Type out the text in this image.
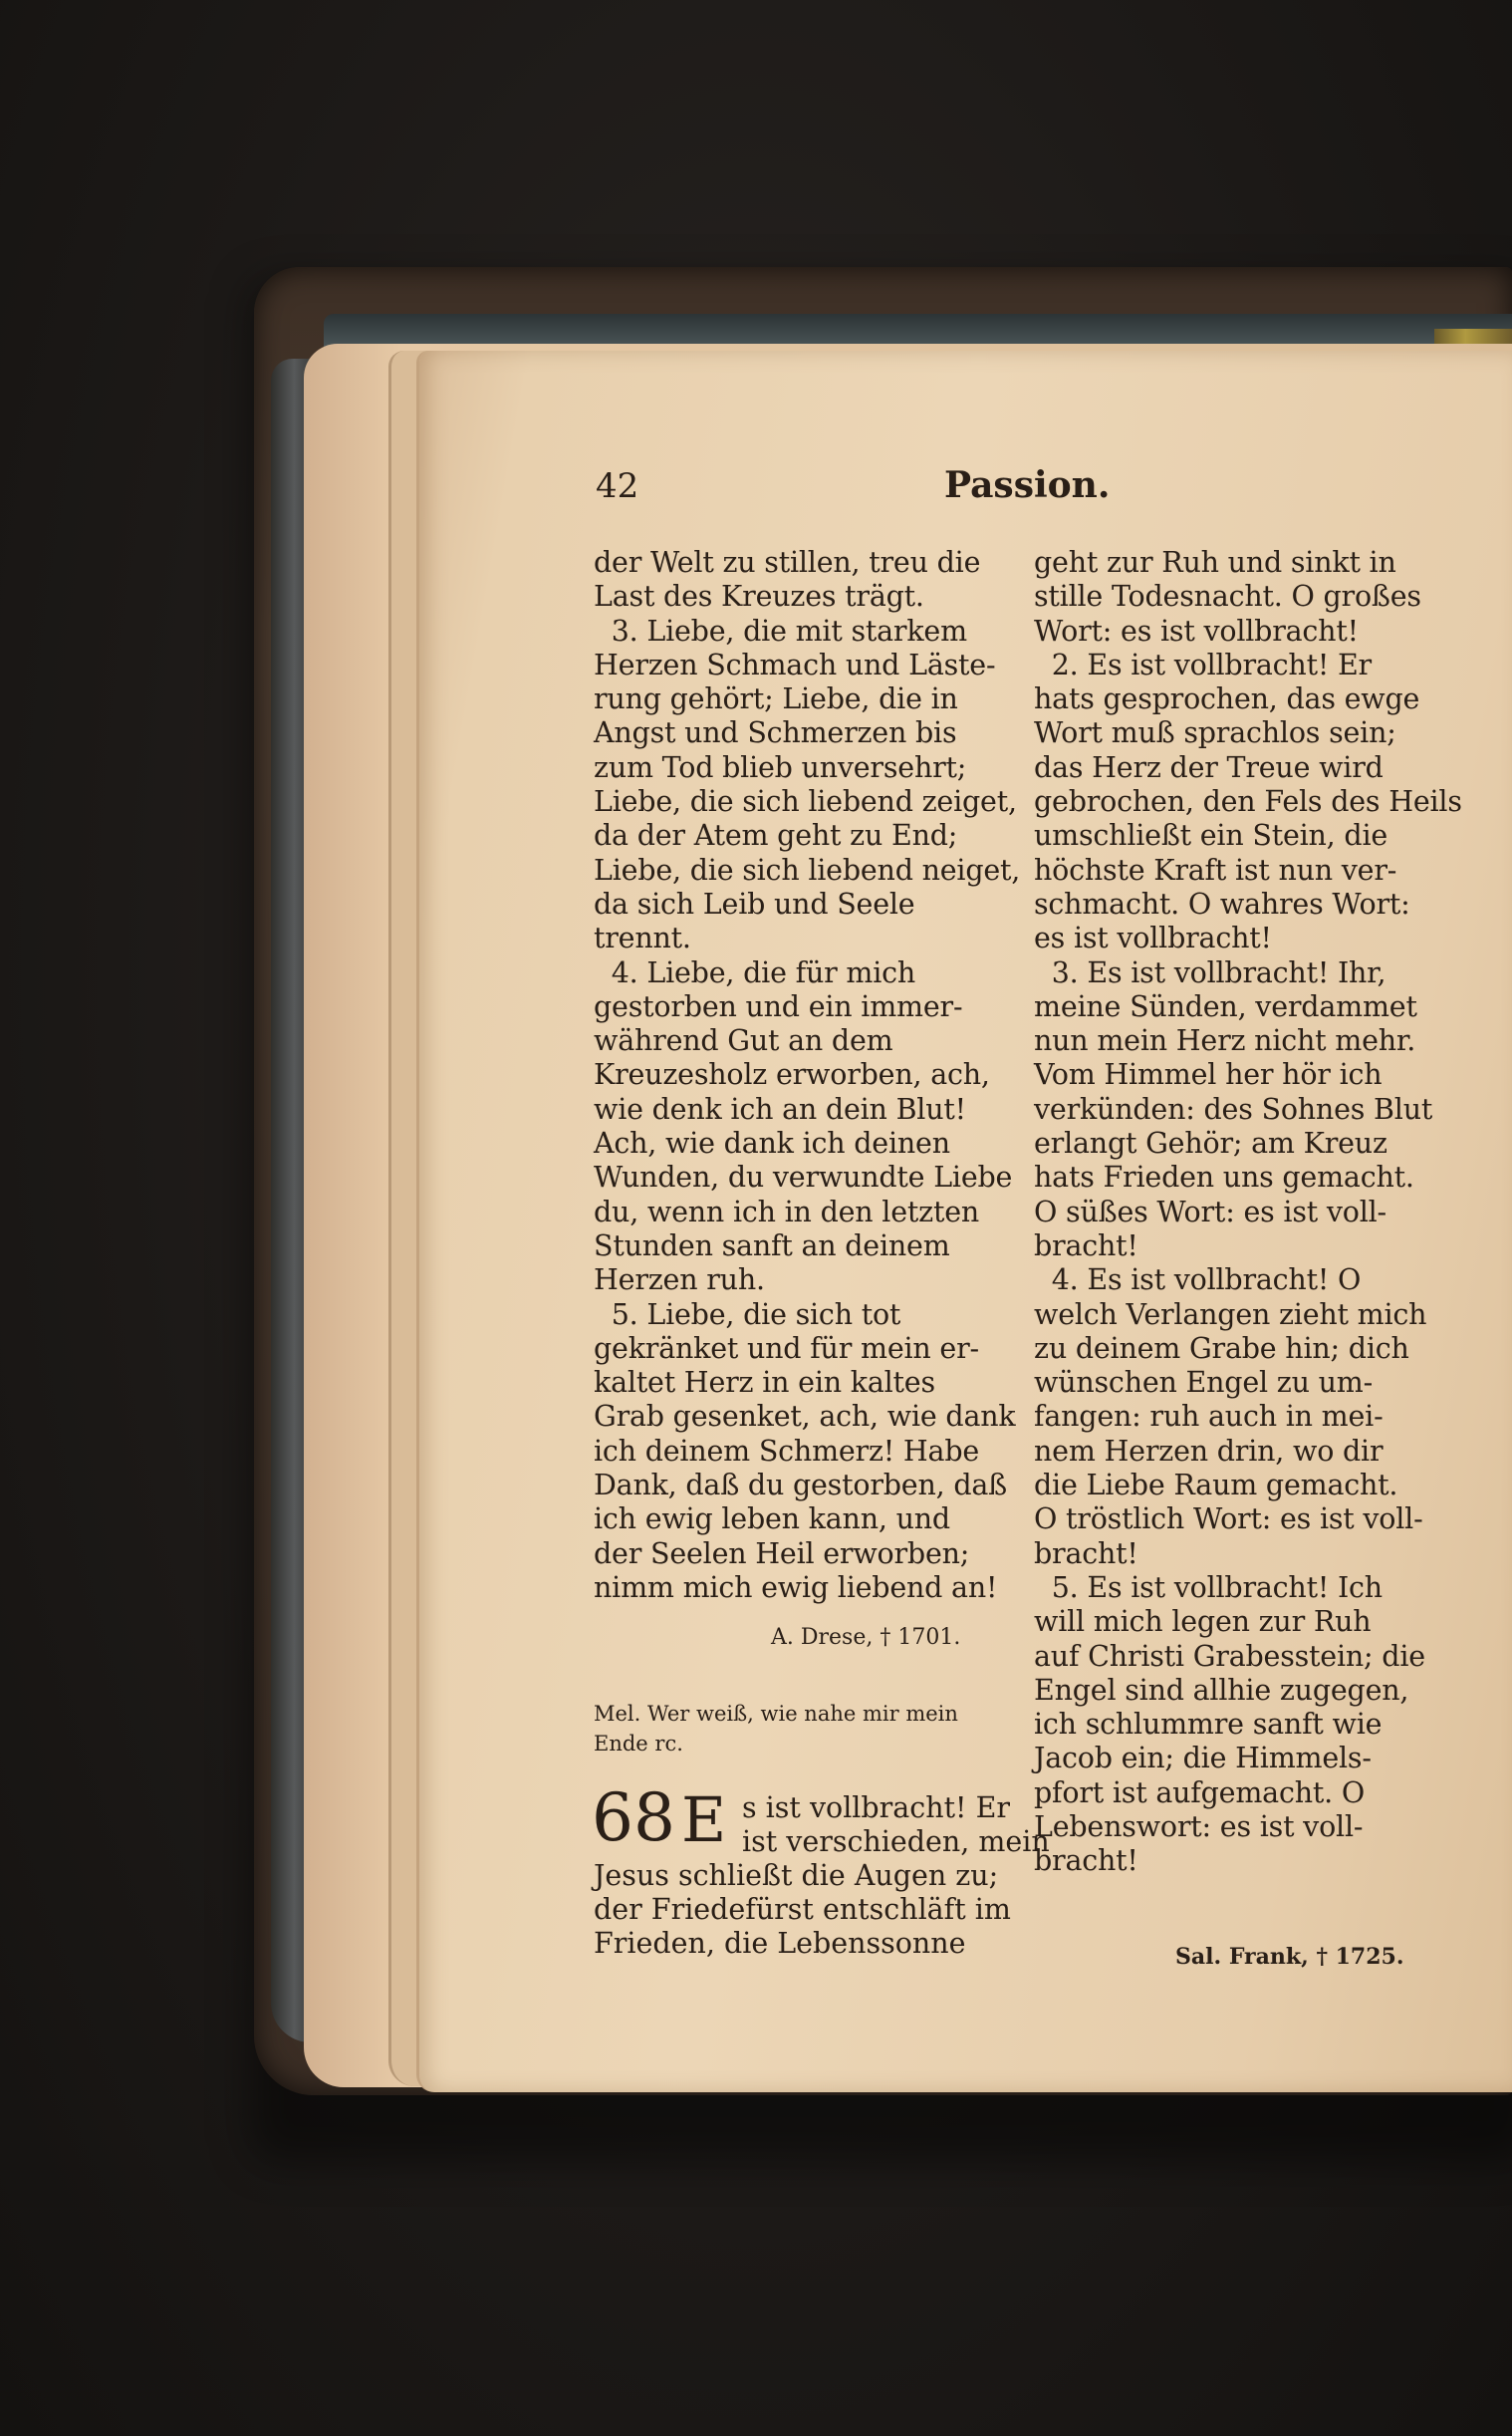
42	Passion.
der Welt zu stillen, treu die
Last des Kreuzes trägt.
3. Liebe, die mit starkem
Herzen Schmach und Läste-
rung gehört; Liebe, die in
Angst und Schmerzen bis
zum Tod blieb unversehrt;
Liebe, die sich liebend zeiget,
da der Atem geht zu End;
Liebe, die sich liebend neiget,
da sich Leib und Seele
trennt.
4. Liebe, die für mich
gestorben und ein immer-
während Gut an dem
Kreuzesholz erworben, ach,
wie denk ich an dein Blut!
Ach, wie dank ich deinen
Wunden, du verwundte Liebe
du, wenn ich in den letzten
Stunden sanft an deinem
Herzen ruh.
5. Liebe, die sich tot
gekränket und für mein er-
kaltet Herz in ein kaltes
Grab gesenket, ach, wie dank
ich deinem Schmerz! Habe
Dank, daß du gestorben, daß
ich ewig leben kann, und
der Seelen Heil erworben;
nimm mich ewig liebend an!
A. Drese, † 1701.
Mel. Wer weiß, wie nahe mir mein
Ende rc.
68 E s ist vollbracht! Er
ist verschieden, mein
Jesus schließt die Augen zu;
der Friedefürst entschläft im
Frieden, die Lebenssonne
geht zur Ruh und sinkt in
stille Todesnacht. O großes
Wort: es ist vollbracht!
2. Es ist vollbracht! Er
hats gesprochen, das ewge
Wort muß sprachlos sein;
das Herz der Treue wird
gebrochen, den Fels des Heils
umschließt ein Stein, die
höchste Kraft ist nun ver-
schmacht. O wahres Wort:
es ist vollbracht!
3. Es ist vollbracht! Ihr,
meine Sünden, verdammet
nun mein Herz nicht mehr.
Vom Himmel her hör ich
verkünden: des Sohnes Blut
erlangt Gehör; am Kreuz
hats Frieden uns gemacht.
O süßes Wort: es ist voll-
bracht!
4. Es ist vollbracht! O
welch Verlangen zieht mich
zu deinem Grabe hin; dich
wünschen Engel zu um-
fangen: ruh auch in mei-
nem Herzen drin, wo dir
die Liebe Raum gemacht.
O tröstlich Wort: es ist voll-
bracht!
5. Es ist vollbracht! Ich
will mich legen zur Ruh
auf Christi Grabesstein; die
Engel sind allhie zugegen,
ich schlummre sanft wie
Jacob ein; die Himmels-
pfort ist aufgemacht. O
Lebenswort: es ist voll-
bracht!
Sal. Frank, † 1725.
